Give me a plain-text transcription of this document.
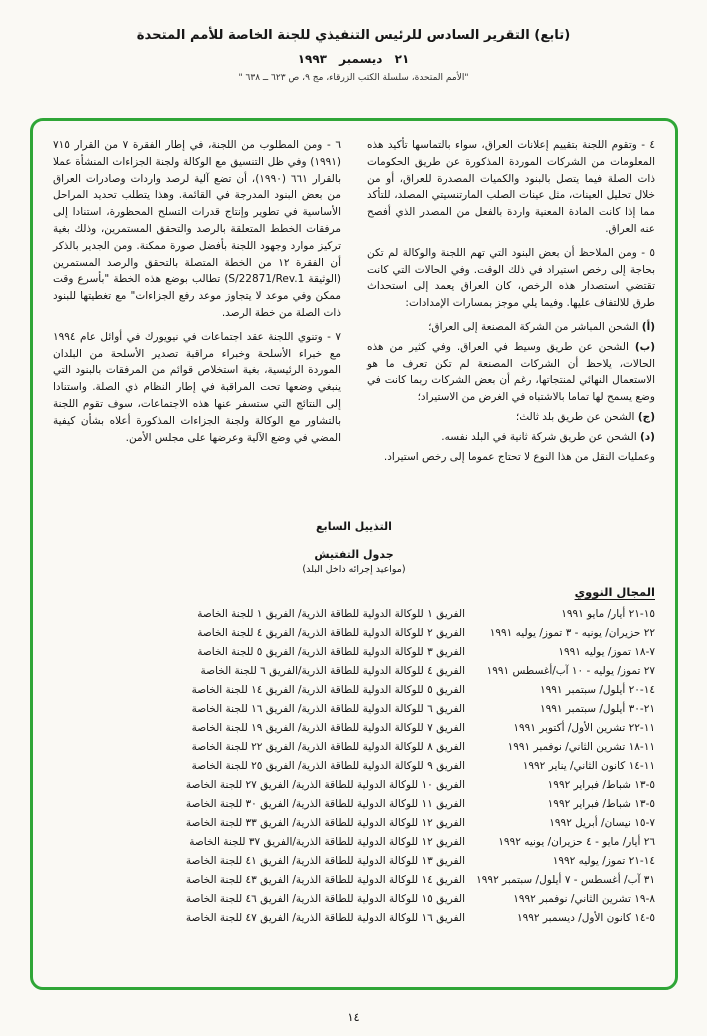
(تابع) التقرير السادس للرئيس التنفيذي للجنة الخاصة للأمم المتحدة
٢١ ديسمبر ١٩٩٣
"الأمم المتحدة، سلسلة الكتب الزرقاء، مج ٩، ص ٦٢٣ ــ ٦٣٨ "

٤ - وتقوم اللجنة بتقييم إعلانات العراق، سواء بالتماسها تأكيد هذه المعلومات من الشركات الموردة المذكورة عن طريق الحكومات ذات الصلة فيما يتصل بالبنود والكميات المصدرة للعراق، أو من خلال تحليل العينات، مثل عينات الصلب المارتنسيتي المصلد، للتأكد مما إذا كانت المادة المعنية واردة بالفعل من المصدر الذي أفصح عنه العراق.

٥ - ومن الملاحظ أن بعض البنود التي تهم اللجنة والوكالة لم تكن بحاجة إلى رخص استيراد في ذلك الوقت. وفي الحالات التي كانت تقتضي استصدار هذه الرخص، كان العراق يعمد إلى استحداث طرق للالتفاف عليها. وفيما يلي موجز بمسارات الإمدادات:

(أ) الشحن المباشر من الشركة المصنعة إلى العراق؛

(ب) الشحن عن طريق وسيط في العراق. وفي كثير من هذه الحالات، يلاحظ أن الشركات المصنعة لم تكن تعرف ما هو الاستعمال النهائي لمنتجاتها، رغم أن بعض الشركات ربما كانت في وضع يسمح لها تماما بالاشتباه في الغرض من الاستيراد؛

(ج) الشحن عن طريق بلد ثالث؛

(د) الشحن عن طريق شركة ثانية في البلد نفسه.

وعمليات النقل من هذا النوع لا تحتاج عموما إلى رخص استيراد.

٦ - ومن المطلوب من اللجنة، في إطار الفقرة ٧ من القرار ٧١٥ (١٩٩١) وفي ظل التنسيق مع الوكالة ولجنة الجزاءات المنشأة عملا بالقرار ٦٦١ (١٩٩٠)، أن تضع آلية لرصد واردات وصادرات العراق من بعض البنود المدرجة في القائمة. وهذا يتطلب تحديد المراحل الأساسية في تطوير وإنتاج قدرات التسلح المحظورة، استنادا إلى مرفقات الخطط المتعلقة بالرصد والتحقق المستمرين، وذلك بغية تركيز موارد وجهود اللجنة بأفضل صورة ممكنة. ومن الجدير بالذكر أن الفقرة ١٢ من الخطة المتصلة بالتحقق والرصد المستمرين (الوثيقة S/22871/Rev.1) تطالب بوضع هذه الخطة "بأسرع وقت ممكن وفي موعد لا يتجاوز موعد رفع الجزاءات" مع تغطيتها للبنود ذات الصلة من خطة الرصد.

٧ - وتنوي اللجنة عقد اجتماعات في نيويورك في أوائل عام ١٩٩٤ مع خبراء الأسلحة وخبراء مراقبة تصدير الأسلحة من البلدان الموردة الرئيسية، بغية استخلاص قوائم من المرفقات بالبنود التي ينبغي وضعها تحت المراقبة في إطار النظام ذي الصلة. واستنادا إلى النتائج التي ستسفر عنها هذه الاجتماعات، سوف تقوم اللجنة بالتشاور مع الوكالة ولجنة الجزاءات المذكورة أعلاه بشأن كيفية المضي في وضع الآلية وعرضها على مجلس الأمن.

التذييل السابع
جدول التفتيش
(مواعيد إجرائه داخل البلد)
المجال النووي
١٥-٢١ أيار/ مايو ١٩٩١
الفريق ١ للوكالة الدولية للطاقة الذرية/ الفريق ١ للجنة الخاصة
٢٢ حزيران/ يونيه - ٣ تموز/ يوليه ١٩٩١
الفريق ٢ للوكالة الدولية للطاقة الذرية/ الفريق ٤ للجنة الخاصة
٧-١٨ تموز/ يوليه ١٩٩١
الفريق ٣ للوكالة الدولية للطاقة الذرية/ الفريق ٥ للجنة الخاصة
٢٧ تموز/ يوليه - ١٠ آب/أغسطس ١٩٩١
الفريق ٤ للوكالة الدولية للطاقة الذرية/الفريق ٦ للجنة الخاصة
١٤-٢٠ أيلول/ سبتمبر ١٩٩١
الفريق ٥ للوكالة الدولية للطاقة الذرية/ الفريق ١٤ للجنة الخاصة
٢١-٣٠ أيلول/ سبتمبر ١٩٩١
الفريق ٦ للوكالة الدولية للطاقة الذرية/ الفريق ١٦ للجنة الخاصة
١١-٢٢ تشرين الأول/ أكتوبر ١٩٩١
الفريق ٧ للوكالة الدولية للطاقة الذرية/ الفريق ١٩ للجنة الخاصة
١١-١٨ تشرين الثاني/ نوفمبر ١٩٩١
الفريق ٨ للوكالة الدولية للطاقة الذرية/ الفريق ٢٢ للجنة الخاصة
١١-١٤ كانون الثاني/ يناير ١٩٩٢
الفريق ٩ للوكالة الدولية للطاقة الذرية/ الفريق ٢٥ للجنة الخاصة
٥-١٣ شباط/ فبراير ١٩٩٢
الفريق ١٠ للوكالة الدولية للطاقة الذرية/ الفريق ٢٧ للجنة الخاصة
٥-١٣ شباط/ فبراير ١٩٩٢
الفريق ١١ للوكالة الدولية للطاقة الذرية/ الفريق ٣٠ للجنة الخاصة
٧-١٥ نيسان/ أبريل ١٩٩٢
الفريق ١٢ للوكالة الدولية للطاقة الذرية/ الفريق ٣٣ للجنة الخاصة
٢٦ أيار/ مايو - ٤ حزيران/ يونيه ١٩٩٢
الفريق ١٢ للوكالة الدولية للطاقة الذرية/الفريق ٣٧ للجنة الخاصة
١٤-٢١ تموز/ يوليه ١٩٩٢
الفريق ١٣ للوكالة الدولية للطاقة الذرية/ الفريق ٤١ للجنة الخاصة
٣١ آب/ أغسطس - ٧ أيلول/ سبتمبر ١٩٩٢
الفريق ١٤ للوكالة الدولية للطاقة الذرية/ الفريق ٤٣ للجنة الخاصة
٨-١٩ تشرين الثاني/ نوفمبر ١٩٩٢
الفريق ١٥ للوكالة الدولية للطاقة الذرية/ الفريق ٤٦ للجنة الخاصة
٥-١٤ كانون الأول/ ديسمبر ١٩٩٢
الفريق ١٦ للوكالة الدولية للطاقة الذرية/ الفريق ٤٧ للجنة الخاصة
١٤
